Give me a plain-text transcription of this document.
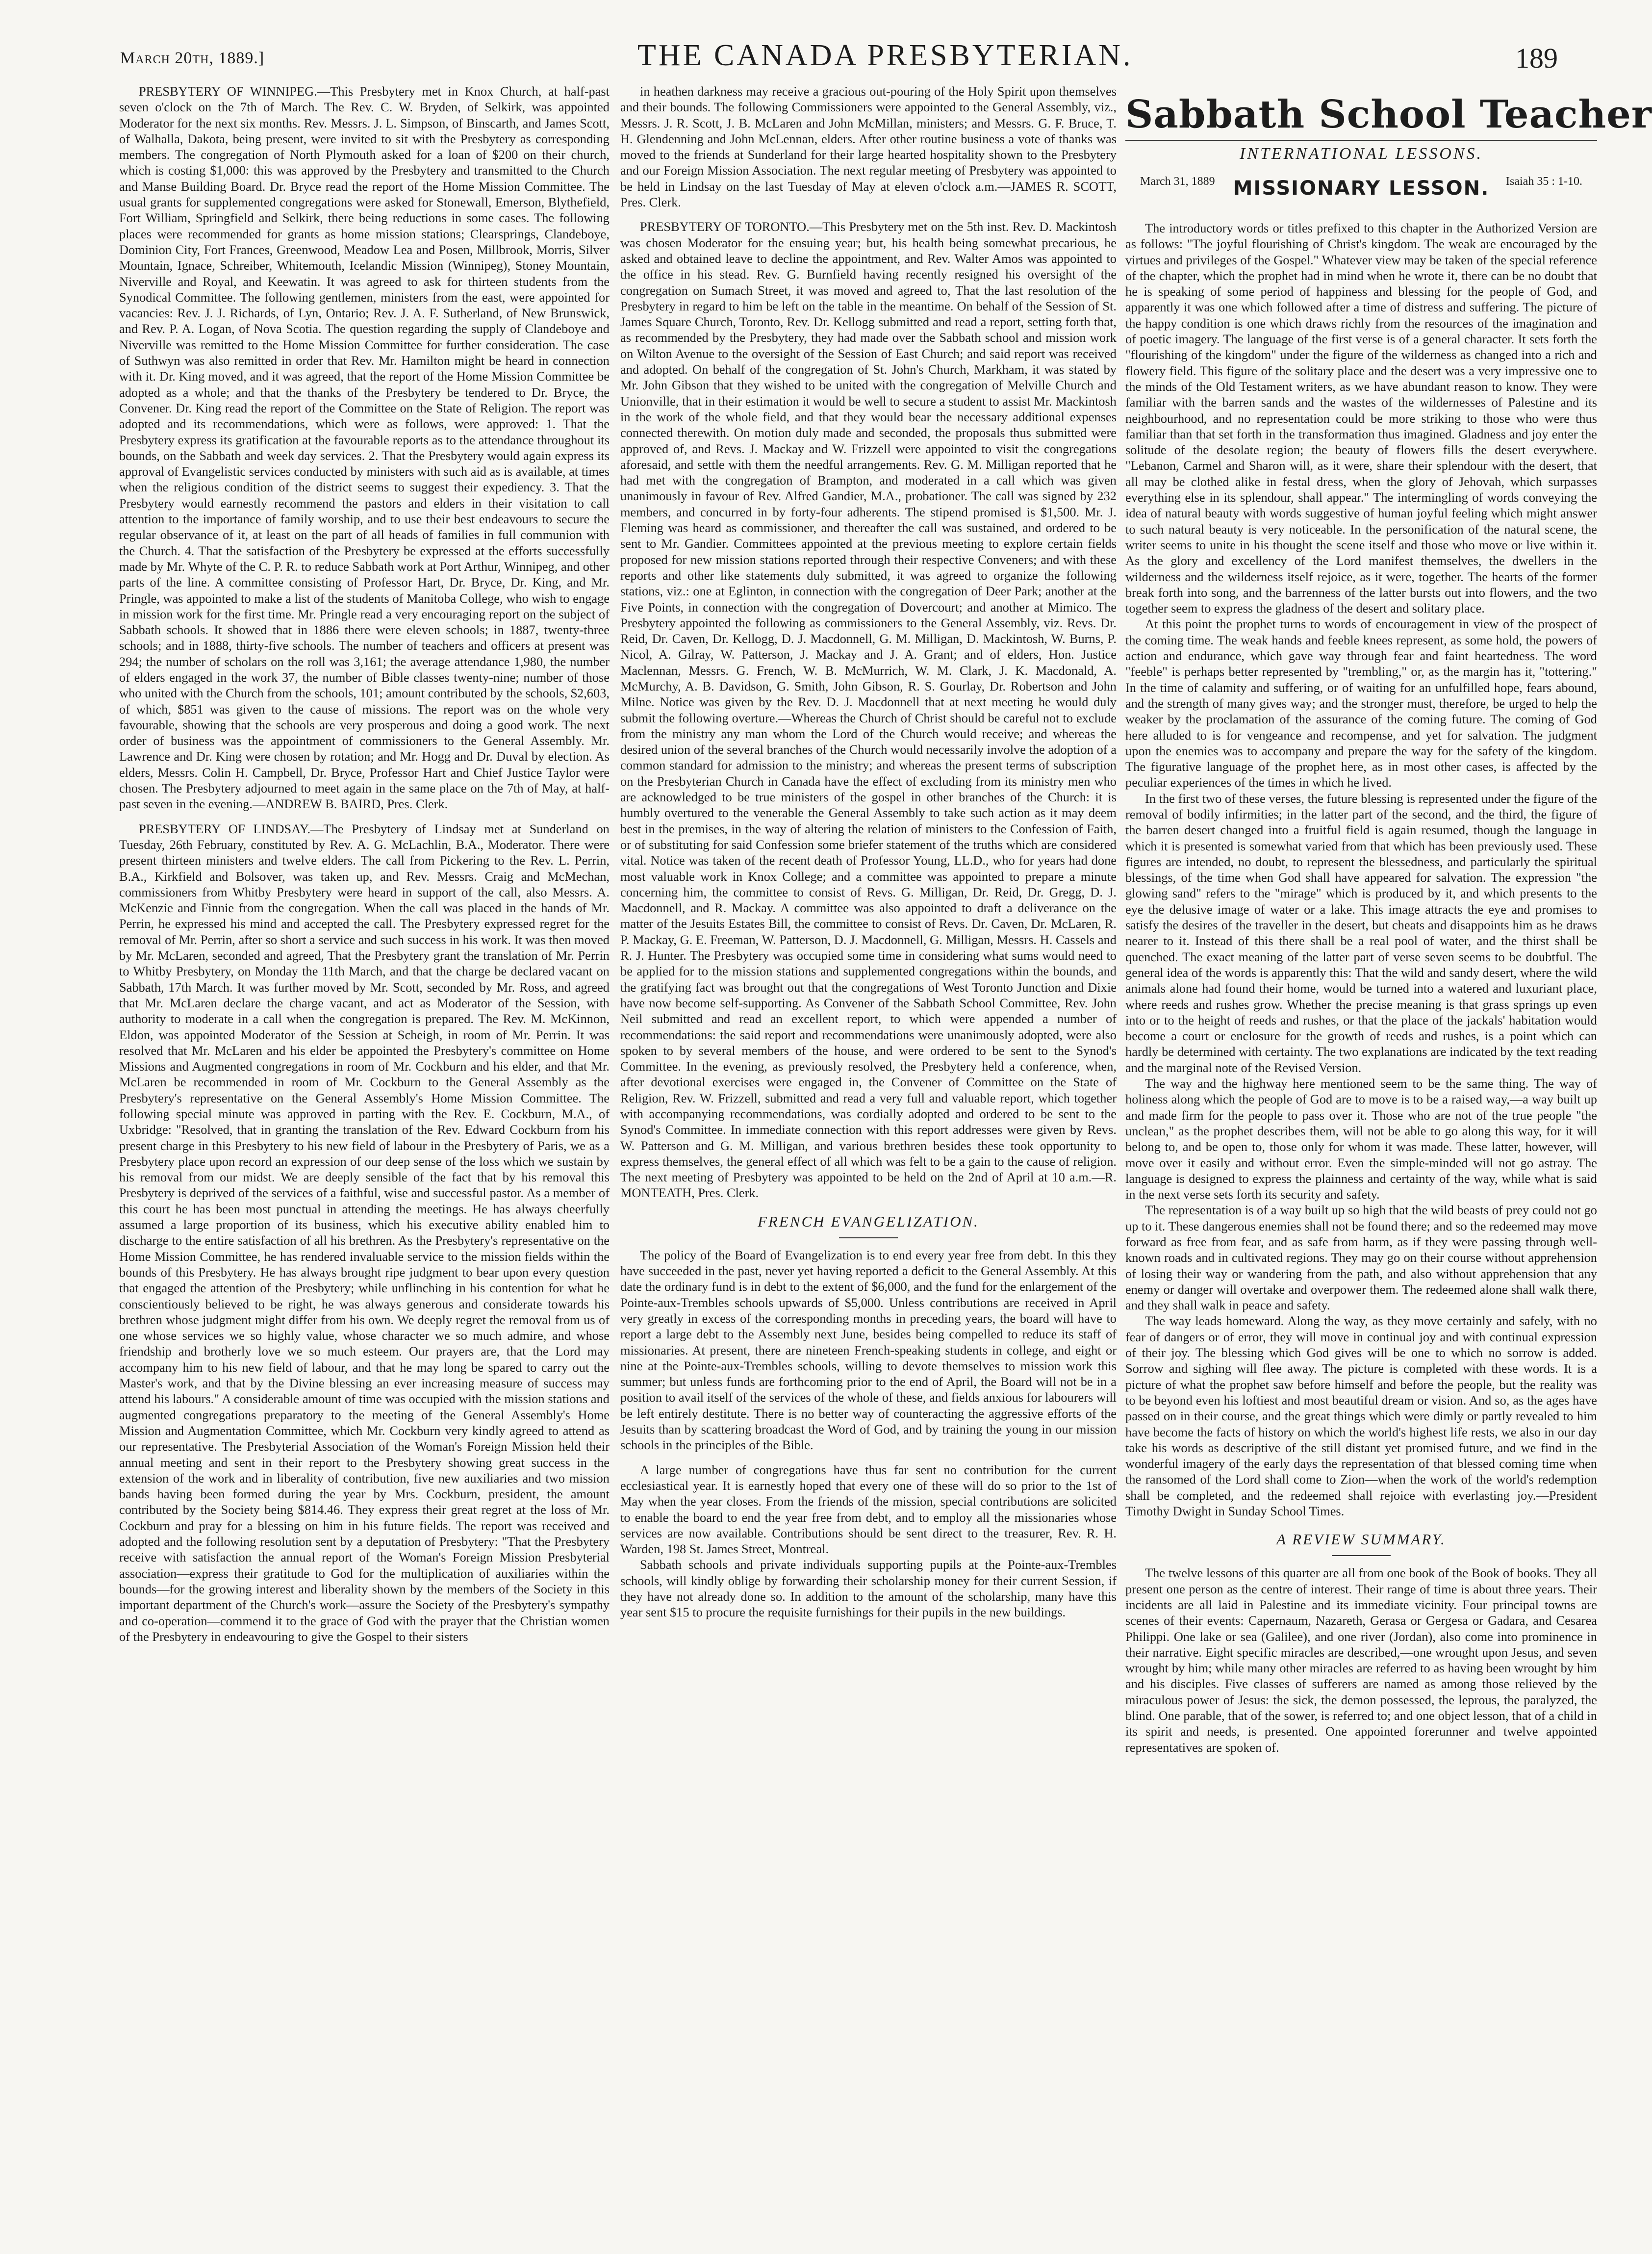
March 20th, 1889.]	THE CANADA PRESBYTERIAN.	189

PRESBYTERY OF WINNIPEG.—This Presbytery met in Knox Church, at half-past seven o'clock on the 7th of March. The Rev. C. W. Bryden, of Selkirk, was appointed Moderator for the next six months. Rev. Messrs. J. L. Simpson, of Binscarth, and James Scott, of Walhalla, Dakota, being present, were invited to sit with the Presbytery as corresponding members. The congregation of North Plymouth asked for a loan of $200 on their church, which is costing $1,000: this was approved by the Presbytery and transmitted to the Church and Manse Building Board. Dr. Bryce read the report of the Home Mission Committee. The usual grants for supplemented congregations were asked for Stonewall, Emerson, Blythefield, Fort William, Springfield and Selkirk, there being reductions in some cases. The following places were recommended for grants as home mission stations; Clearsprings, Clandeboye, Dominion City, Fort Frances, Greenwood, Meadow Lea and Posen, Millbrook, Morris, Silver Mountain, Ignace, Schreiber, Whitemouth, Icelandic Mission (Winnipeg), Stoney Mountain, Niverville and Royal, and Keewatin. It was agreed to ask for thirteen students from the Synodical Committee. The following gentlemen, ministers from the east, were appointed for vacancies: Rev. J. J. Richards, of Lyn, Ontario; Rev. J. A. F. Sutherland, of New Brunswick, and Rev. P. A. Logan, of Nova Scotia. The question regarding the supply of Clandeboye and Niverville was remitted to the Home Mission Committee for further consideration. The case of Suthwyn was also remitted in order that Rev. Mr. Hamilton might be heard in connection with it. Dr. King moved, and it was agreed, that the report of the Home Mission Committee be adopted as a whole; and that the thanks of the Presbytery be tendered to Dr. Bryce, the Convener. Dr. King read the report of the Committee on the State of Religion. The report was adopted and its recommendations, which were as follows, were approved: 1. That the Presbytery express its gratification at the favourable reports as to the attendance throughout its bounds, on the Sabbath and week day services. 2. That the Presbytery would again express its approval of Evangelistic services conducted by ministers with such aid as is available, at times when the religious condition of the district seems to suggest their expediency. 3. That the Presbytery would earnestly recommend the pastors and elders in their visitation to call attention to the importance of family worship, and to use their best endeavours to secure the regular observance of it, at least on the part of all heads of families in full communion with the Church. 4. That the satisfaction of the Presbytery be expressed at the efforts successfully made by Mr. Whyte of the C. P. R. to reduce Sabbath work at Port Arthur, Winnipeg, and other parts of the line. A committee consisting of Professor Hart, Dr. Bryce, Dr. King, and Mr. Pringle, was appointed to make a list of the students of Manitoba College, who wish to engage in mission work for the first time. Mr. Pringle read a very encouraging report on the subject of Sabbath schools. It showed that in 1886 there were eleven schools; in 1887, twenty-three schools; and in 1888, thirty-five schools. The number of teachers and officers at present was 294; the number of scholars on the roll was 3,161; the average attendance 1,980, the number of elders engaged in the work 37, the number of Bible classes twenty-nine; number of those who united with the Church from the schools, 101; amount contributed by the schools, $2,603, of which, $851 was given to the cause of missions. The report was on the whole very favourable, showing that the schools are very prosperous and doing a good work. The next order of business was the appointment of commissioners to the General Assembly. Mr. Lawrence and Dr. King were chosen by rotation; and Mr. Hogg and Dr. Duval by election. As elders, Messrs. Colin H. Campbell, Dr. Bryce, Professor Hart and Chief Justice Taylor were chosen. The Presbytery adjourned to meet again in the same place on the 7th of May, at half-past seven in the evening.—ANDREW B. BAIRD, Pres. Clerk.

PRESBYTERY OF LINDSAY.—The Presbytery of Lindsay met at Sunderland on Tuesday, 26th February, constituted by Rev. A. G. McLachlin, B.A., Moderator. There were present thirteen ministers and twelve elders. The call from Pickering to the Rev. L. Perrin, B.A., Kirkfield and Bolsover, was taken up, and Rev. Messrs. Craig and McMechan, commissioners from Whitby Presbytery were heard in support of the call, also Messrs. A. McKenzie and Finnie from the congregation. When the call was placed in the hands of Mr. Perrin, he expressed his mind and accepted the call. The Presbytery expressed regret for the removal of Mr. Perrin, after so short a service and such success in his work. It was then moved by Mr. McLaren, seconded and agreed, That the Presbytery grant the translation of Mr. Perrin to Whitby Presbytery, on Monday the 11th March, and that the charge be declared vacant on Sabbath, 17th March. It was further moved by Mr. Scott, seconded by Mr. Ross, and agreed that Mr. McLaren declare the charge vacant, and act as Moderator of the Session, with authority to moderate in a call when the congregation is prepared. The Rev. M. McKinnon, Eldon, was appointed Moderator of the Session at Scheigh, in room of Mr. Perrin. It was resolved that Mr. McLaren and his elder be appointed the Presbytery's committee on Home Missions and Augmented congregations in room of Mr. Cockburn and his elder, and that Mr. McLaren be recommended in room of Mr. Cockburn to the General Assembly as the Presbytery's representative on the General Assembly's Home Mission Committee. The following special minute was approved in parting with the Rev. E. Cockburn, M.A., of Uxbridge: "Resolved, that in granting the translation of the Rev. Edward Cockburn from his present charge in this Presbytery to his new field of labour in the Presbytery of Paris, we as a Presbytery place upon record an expression of our deep sense of the loss which we sustain by his removal from our midst. We are deeply sensible of the fact that by his removal this Presbytery is deprived of the services of a faithful, wise and successful pastor. As a member of this court he has been most punctual in attending the meetings. He has always cheerfully assumed a large proportion of its business, which his executive ability enabled him to discharge to the entire satisfaction of all his brethren. As the Presbytery's representative on the Home Mission Committee, he has rendered invaluable service to the mission fields within the bounds of this Presbytery. He has always brought ripe judgment to bear upon every question that engaged the attention of the Presbytery; while unflinching in his contention for what he conscientiously believed to be right, he was always generous and considerate towards his brethren whose judgment might differ from his own. We deeply regret the removal from us of one whose services we so highly value, whose character we so much admire, and whose friendship and brotherly love we so much esteem. Our prayers are, that the Lord may accompany him to his new field of labour, and that he may long be spared to carry out the Master's work, and that by the Divine blessing an ever increasing measure of success may attend his labours." A considerable amount of time was occupied with the mission stations and augmented congregations preparatory to the meeting of the General Assembly's Home Mission and Augmentation Committee, which Mr. Cockburn very kindly agreed to attend as our representative. The Presbyterial Association of the Woman's Foreign Mission held their annual meeting and sent in their report to the Presbytery showing great success in the extension of the work and in liberality of contribution, five new auxiliaries and two mission bands having been formed during the year by Mrs. Cockburn, president, the amount contributed by the Society being $814.46. They express their great regret at the loss of Mr. Cockburn and pray for a blessing on him in his future fields. The report was received and adopted and the following resolution sent by a deputation of Presbytery: "That the Presbytery receive with satisfaction the annual report of the Woman's Foreign Mission Presbyterial association—express their gratitude to God for the multiplication of auxiliaries within the bounds—for the growing interest and liberality shown by the members of the Society in this important department of the Church's work—assure the Society of the Presbytery's sympathy and co-operation—commend it to the grace of God with the prayer that the Christian women of the Presbytery in endeavouring to give the Gospel to their sisters

in heathen darkness may receive a gracious out-pouring of the Holy Spirit upon themselves and their bounds. The following Commissioners were appointed to the General Assembly, viz., Messrs. J. R. Scott, J. B. McLaren and John McMillan, ministers; and Messrs. G. F. Bruce, T. H. Glendenning and John McLennan, elders. After other routine business a vote of thanks was moved to the friends at Sunderland for their large hearted hospitality shown to the Presbytery and our Foreign Mission Association. The next regular meeting of Presbytery was appointed to be held in Lindsay on the last Tuesday of May at eleven o'clock a.m.—JAMES R. SCOTT, Pres. Clerk.

PRESBYTERY OF TORONTO.—This Presbytery met on the 5th inst. Rev. D. Mackintosh was chosen Moderator for the ensuing year; but, his health being somewhat precarious, he asked and obtained leave to decline the appointment, and Rev. Walter Amos was appointed to the office in his stead. Rev. G. Burnfield having recently resigned his oversight of the congregation on Sumach Street, it was moved and agreed to, That the last resolution of the Presbytery in regard to him be left on the table in the meantime. On behalf of the Session of St. James Square Church, Toronto, Rev. Dr. Kellogg submitted and read a report, setting forth that, as recommended by the Presbytery, they had made over the Sabbath school and mission work on Wilton Avenue to the oversight of the Session of East Church; and said report was received and adopted. On behalf of the congregation of St. John's Church, Markham, it was stated by Mr. John Gibson that they wished to be united with the congregation of Melville Church and Unionville, that in their estimation it would be well to secure a student to assist Mr. Mackintosh in the work of the whole field, and that they would bear the necessary additional expenses connected therewith. On motion duly made and seconded, the proposals thus submitted were approved of, and Revs. J. Mackay and W. Frizzell were appointed to visit the congregations aforesaid, and settle with them the needful arrangements. Rev. G. M. Milligan reported that he had met with the congregation of Brampton, and moderated in a call which was given unanimously in favour of Rev. Alfred Gandier, M.A., probationer. The call was signed by 232 members, and concurred in by forty-four adherents. The stipend promised is $1,500. Mr. J. Fleming was heard as commissioner, and thereafter the call was sustained, and ordered to be sent to Mr. Gandier. Committees appointed at the previous meeting to explore certain fields proposed for new mission stations reported through their respective Conveners; and with these reports and other like statements duly submitted, it was agreed to organize the following stations, viz.: one at Eglinton, in connection with the congregation of Deer Park; another at the Five Points, in connection with the congregation of Dovercourt; and another at Mimico. The Presbytery appointed the following as commissioners to the General Assembly, viz. Revs. Dr. Reid, Dr. Caven, Dr. Kellogg, D. J. Macdonnell, G. M. Milligan, D. Mackintosh, W. Burns, P. Nicol, A. Gilray, W. Patterson, J. Mackay and J. A. Grant; and of elders, Hon. Justice Maclennan, Messrs. G. French, W. B. McMurrich, W. M. Clark, J. K. Macdonald, A. McMurchy, A. B. Davidson, G. Smith, John Gibson, R. S. Gourlay, Dr. Robertson and John Milne. Notice was given by the Rev. D. J. Macdonnell that at next meeting he would duly submit the following overture.—Whereas the Church of Christ should be careful not to exclude from the ministry any man whom the Lord of the Church would receive; and whereas the desired union of the several branches of the Church would necessarily involve the adoption of a common standard for admission to the ministry; and whereas the present terms of subscription on the Presbyterian Church in Canada have the effect of excluding from its ministry men who are acknowledged to be true ministers of the gospel in other branches of the Church: it is humbly overtured to the venerable the General Assembly to take such action as it may deem best in the premises, in the way of altering the relation of ministers to the Confession of Faith, or of substituting for said Confession some briefer statement of the truths which are considered vital. Notice was taken of the recent death of Professor Young, LL.D., who for years had done most valuable work in Knox College; and a committee was appointed to prepare a minute concerning him, the committee to consist of Revs. G. Milligan, Dr. Reid, Dr. Gregg, D. J. Macdonnell, and R. Mackay. A committee was also appointed to draft a deliverance on the matter of the Jesuits Estates Bill, the committee to consist of Revs. Dr. Caven, Dr. McLaren, R. P. Mackay, G. E. Freeman, W. Patterson, D. J. Macdonnell, G. Milligan, Messrs. H. Cassels and R. J. Hunter. The Presbytery was occupied some time in considering what sums would need to be applied for to the mission stations and supplemented congregations within the bounds, and the gratifying fact was brought out that the congregations of West Toronto Junction and Dixie have now become self-supporting. As Convener of the Sabbath School Committee, Rev. John Neil submitted and read an excellent report, to which were appended a number of recommendations: the said report and recommendations were unanimously adopted, were also spoken to by several members of the house, and were ordered to be sent to the Synod's Committee. In the evening, as previously resolved, the Presbytery held a conference, when, after devotional exercises were engaged in, the Convener of Committee on the State of Religion, Rev. W. Frizzell, submitted and read a very full and valuable report, which together with accompanying recommendations, was cordially adopted and ordered to be sent to the Synod's Committee. In immediate connection with this report addresses were given by Revs. W. Patterson and G. M. Milligan, and various brethren besides these took opportunity to express themselves, the general effect of all which was felt to be a gain to the cause of religion. The next meeting of Presbytery was appointed to be held on the 2nd of April at 10 a.m.—R. MONTEATH, Pres. Clerk.

FRENCH EVANGELIZATION.

The policy of the Board of Evangelization is to end every year free from debt. In this they have succeeded in the past, never yet having reported a deficit to the General Assembly. At this date the ordinary fund is in debt to the extent of $6,000, and the fund for the enlargement of the Pointe-aux-Trembles schools upwards of $5,000. Unless contributions are received in April very greatly in excess of the corresponding months in preceding years, the board will have to report a large debt to the Assembly next June, besides being compelled to reduce its staff of missionaries. At present, there are nineteen French-speaking students in college, and eight or nine at the Pointe-aux-Trembles schools, willing to devote themselves to mission work this summer; but unless funds are forthcoming prior to the end of April, the Board will not be in a position to avail itself of the services of the whole of these, and fields anxious for labourers will be left entirely destitute. There is no better way of counteracting the aggressive efforts of the Jesuits than by scattering broadcast the Word of God, and by training the young in our mission schools in the principles of the Bible.

A large number of congregations have thus far sent no contribution for the current ecclesiastical year. It is earnestly hoped that every one of these will do so prior to the 1st of May when the year closes. From the friends of the mission, special contributions are solicited to enable the board to end the year free from debt, and to employ all the missionaries whose services are now available. Contributions should be sent direct to the treasurer, Rev. R. H. Warden, 198 St. James Street, Montreal.

Sabbath schools and private individuals supporting pupils at the Pointe-aux-Trembles schools, will kindly oblige by forwarding their scholarship money for their current Session, if they have not already done so. In addition to the amount of the scholarship, many have this year sent $15 to procure the requisite furnishings for their pupils in the new buildings.

Sabbath School Teacher
INTERNATIONAL LESSONS.
March 31, 1889 MISSIONARY LESSON.	Isaiah 35 : 1-10.

The introductory words or titles prefixed to this chapter in the Authorized Version are as follows: "The joyful flourishing of Christ's kingdom. The weak are encouraged by the virtues and privileges of the Gospel." Whatever view may be taken of the special reference of the chapter, which the prophet had in mind when he wrote it, there can be no doubt that he is speaking of some period of happiness and blessing for the people of God, and apparently it was one which followed after a time of distress and suffering. The picture of the happy condition is one which draws richly from the resources of the imagination and of poetic imagery. The language of the first verse is of a general character. It sets forth the "flourishing of the kingdom" under the figure of the wilderness as changed into a rich and flowery field. This figure of the solitary place and the desert was a very impressive one to the minds of the Old Testament writers, as we have abundant reason to know. They were familiar with the barren sands and the wastes of the wildernesses of Palestine and its neighbourhood, and no representation could be more striking to those who were thus familiar than that set forth in the transformation thus imagined. Gladness and joy enter the solitude of the desolate region; the beauty of flowers fills the desert everywhere. "Lebanon, Carmel and Sharon will, as it were, share their splendour with the desert, that all may be clothed alike in festal dress, when the glory of Jehovah, which surpasses everything else in its splendour, shall appear." The intermingling of words conveying the idea of natural beauty with words suggestive of human joyful feeling which might answer to such natural beauty is very noticeable. In the personification of the natural scene, the writer seems to unite in his thought the scene itself and those who move or live within it. As the glory and excellency of the Lord manifest themselves, the dwellers in the wilderness and the wilderness itself rejoice, as it were, together. The hearts of the former break forth into song, and the barrenness of the latter bursts out into flowers, and the two together seem to express the gladness of the desert and solitary place.

At this point the prophet turns to words of encouragement in view of the prospect of the coming time. The weak hands and feeble knees represent, as some hold, the powers of action and endurance, which gave way through fear and faint heartedness. The word "feeble" is perhaps better represented by "trembling," or, as the margin has it, "tottering." In the time of calamity and suffering, or of waiting for an unfulfilled hope, fears abound, and the strength of many gives way; and the stronger must, therefore, be urged to help the weaker by the proclamation of the assurance of the coming future. The coming of God here alluded to is for vengeance and recompense, and yet for salvation. The judgment upon the enemies was to accompany and prepare the way for the safety of the kingdom. The figurative language of the prophet here, as in most other cases, is affected by the peculiar experiences of the times in which he lived.

In the first two of these verses, the future blessing is represented under the figure of the removal of bodily infirmities; in the latter part of the second, and the third, the figure of the barren desert changed into a fruitful field is again resumed, though the language in which it is presented is somewhat varied from that which has been previously used. These figures are intended, no doubt, to represent the blessedness, and particularly the spiritual blessings, of the time when God shall have appeared for salvation. The expression "the glowing sand" refers to the "mirage" which is produced by it, and which presents to the eye the delusive image of water or a lake. This image attracts the eye and promises to satisfy the desires of the traveller in the desert, but cheats and disappoints him as he draws nearer to it. Instead of this there shall be a real pool of water, and the thirst shall be quenched. The exact meaning of the latter part of verse seven seems to be doubtful. The general idea of the words is apparently this: That the wild and sandy desert, where the wild animals alone had found their home, would be turned into a watered and luxuriant place, where reeds and rushes grow. Whether the precise meaning is that grass springs up even into or to the height of reeds and rushes, or that the place of the jackals' habitation would become a court or enclosure for the growth of reeds and rushes, is a point which can hardly be determined with certainty. The two explanations are indicated by the text reading and the marginal note of the Revised Version.

The way and the highway here mentioned seem to be the same thing. The way of holiness along which the people of God are to move is to be a raised way,—a way built up and made firm for the people to pass over it. Those who are not of the true people "the unclean," as the prophet describes them, will not be able to go along this way, for it will belong to, and be open to, those only for whom it was made. These latter, however, will move over it easily and without error. Even the simple-minded will not go astray. The language is designed to express the plainness and certainty of the way, while what is said in the next verse sets forth its security and safety.

The representation is of a way built up so high that the wild beasts of prey could not go up to it. These dangerous enemies shall not be found there; and so the redeemed may move forward as free from fear, and as safe from harm, as if they were passing through well-known roads and in cultivated regions. They may go on their course without apprehension of losing their way or wandering from the path, and also without apprehension that any enemy or danger will overtake and overpower them. The redeemed alone shall walk there, and they shall walk in peace and safety.

The way leads homeward. Along the way, as they move certainly and safely, with no fear of dangers or of error, they will move in continual joy and with continual expression of their joy. The blessing which God gives will be one to which no sorrow is added. Sorrow and sighing will flee away. The picture is completed with these words. It is a picture of what the prophet saw before himself and before the people, but the reality was to be beyond even his loftiest and most beautiful dream or vision. And so, as the ages have passed on in their course, and the great things which were dimly or partly revealed to him have become the facts of history on which the world's highest life rests, we also in our day take his words as descriptive of the still distant yet promised future, and we find in the wonderful imagery of the early days the representation of that blessed coming time when the ransomed of the Lord shall come to Zion—when the work of the world's redemption shall be completed, and the redeemed shall rejoice with everlasting joy.—President Timothy Dwight in Sunday School Times.

A REVIEW SUMMARY.

The twelve lessons of this quarter are all from one book of the Book of books. They all present one person as the centre of interest. Their range of time is about three years. Their incidents are all laid in Palestine and its immediate vicinity. Four principal towns are scenes of their events: Capernaum, Nazareth, Gerasa or Gergesa or Gadara, and Cesarea Philippi. One lake or sea (Galilee), and one river (Jordan), also come into prominence in their narrative. Eight specific miracles are described,—one wrought upon Jesus, and seven wrought by him; while many other miracles are referred to as having been wrought by him and his disciples. Five classes of sufferers are named as among those relieved by the miraculous power of Jesus: the sick, the demon possessed, the leprous, the paralyzed, the blind. One parable, that of the sower, is referred to; and one object lesson, that of a child in its spirit and needs, is presented. One appointed forerunner and twelve appointed representatives are spoken of.
